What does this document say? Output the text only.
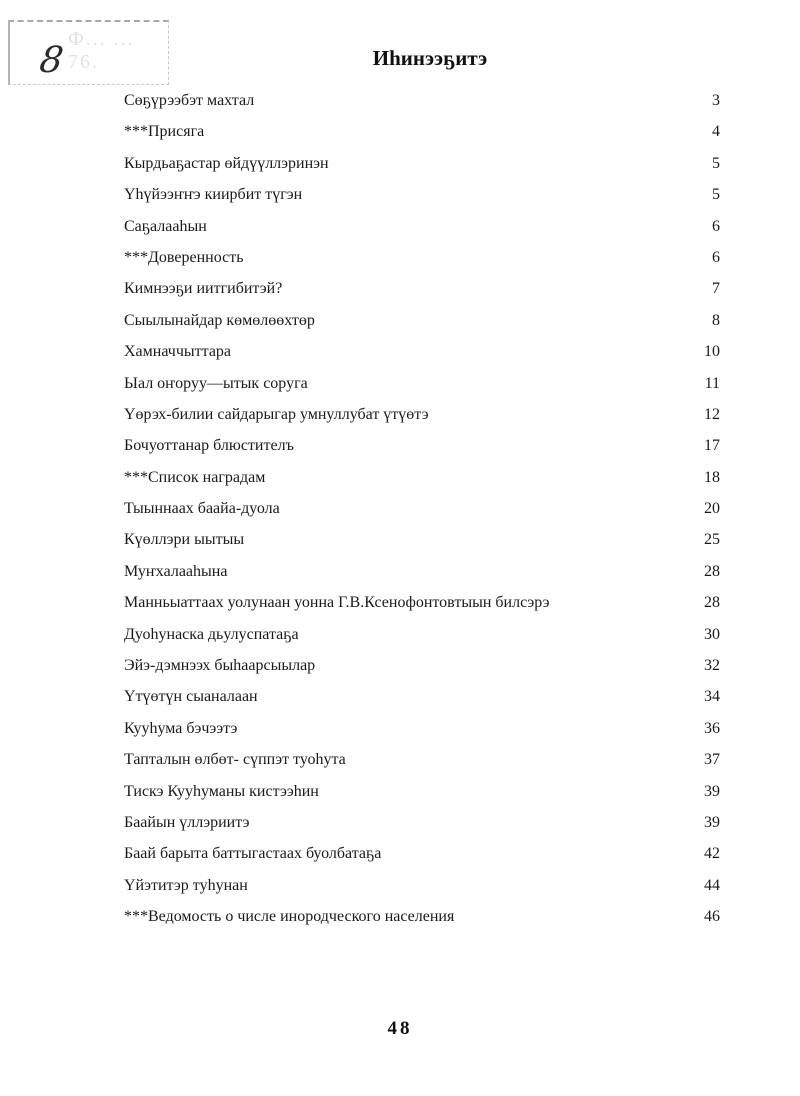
Ф... ... 76.
8	Иһинээҕитэ
Сөҕүрээбэт махтал	3
***Присяга	4
Кырдьаҕастар өйдүүллэринэн	5
Үһүйээҥҥэ киирбит түгэн	5
Саҕалааһын	6
***Доверенность	6
Кимнээҕи иитгибитэй?	7
Сыылынайдар көмөлөөхтөр	8
Хамначчыттара	10
Ыал оҥоруу—ытык соруга	11
Үөрэх-билии сайдарыгар умнуллубат үтүөтэ	12
Бочуоттанар блюстителъ	17
***Список наградам	18
Тыыннаах баайа-дуола	20
Күөллэри ыытыы	25
Муҥхалааһына	28
Манньыаттаах уолунаан уонна Г.В.Ксенофонтовтыын билсэрэ	28
Дуоһунаска дьулуспатаҕа	30
Эйэ-дэмнээх быһаарсыылар	32
Үтүөтүн сыаналаан	34
Кууһума бэчээтэ	36
Тапталын өлбөт- сүппэт туоһута	37
Тискэ Кууһуманы кистээһин	39
Баайын үллэриитэ	39
Баай барыта баттыгастаах буолбатаҕа	42
Үйэтитэр туһунан	44
***Ведомость о числе инородческого населения	46
48
